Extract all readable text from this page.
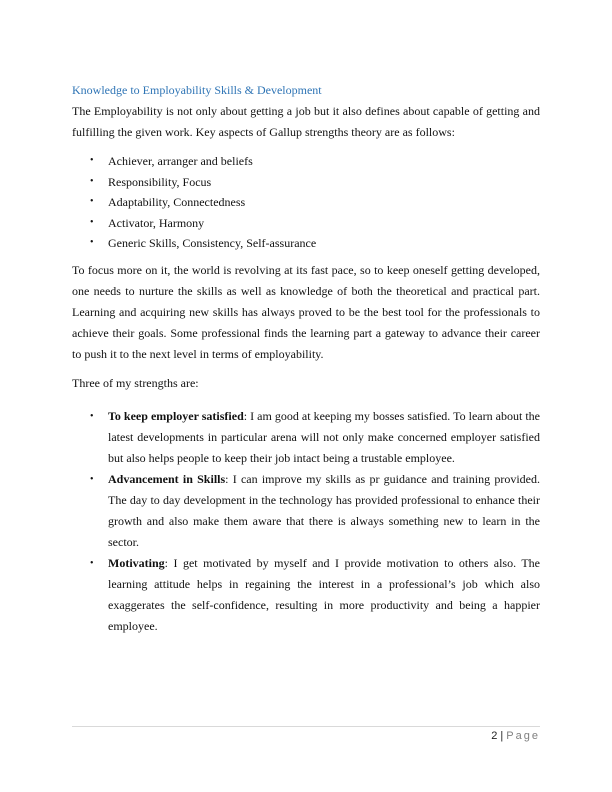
Knowledge to Employability Skills & Development

The Employability is not only about getting a job but it also defines about capable of getting and fulfilling the given work. Key aspects of Gallup strengths theory are as follows:

• Achiever, arranger and beliefs
• Responsibility, Focus
• Adaptability, Connectedness
• Activator, Harmony
• Generic Skills, Consistency, Self-assurance

To focus more on it, the world is revolving at its fast pace, so to keep oneself getting developed, one needs to nurture the skills as well as knowledge of both the theoretical and practical part. Learning and acquiring new skills has always proved to be the best tool for the professionals to achieve their goals. Some professional finds the learning part a gateway to advance their career to push it to the next level in terms of employability.

Three of my strengths are:

• To keep employer satisfied: I am good at keeping my bosses satisfied. To learn about the latest developments in particular arena will not only make concerned employer satisfied but also helps people to keep their job intact being a trustable employee.
• Advancement in Skills: I can improve my skills as pr guidance and training provided. The day to day development in the technology has provided professional to enhance their growth and also make them aware that there is always something new to learn in the sector.
• Motivating: I get motivated by myself and I provide motivation to others also. The learning attitude helps in regaining the interest in a professional’s job which also exaggerates the self-confidence, resulting in more productivity and being a happier employee.
2 | Page
